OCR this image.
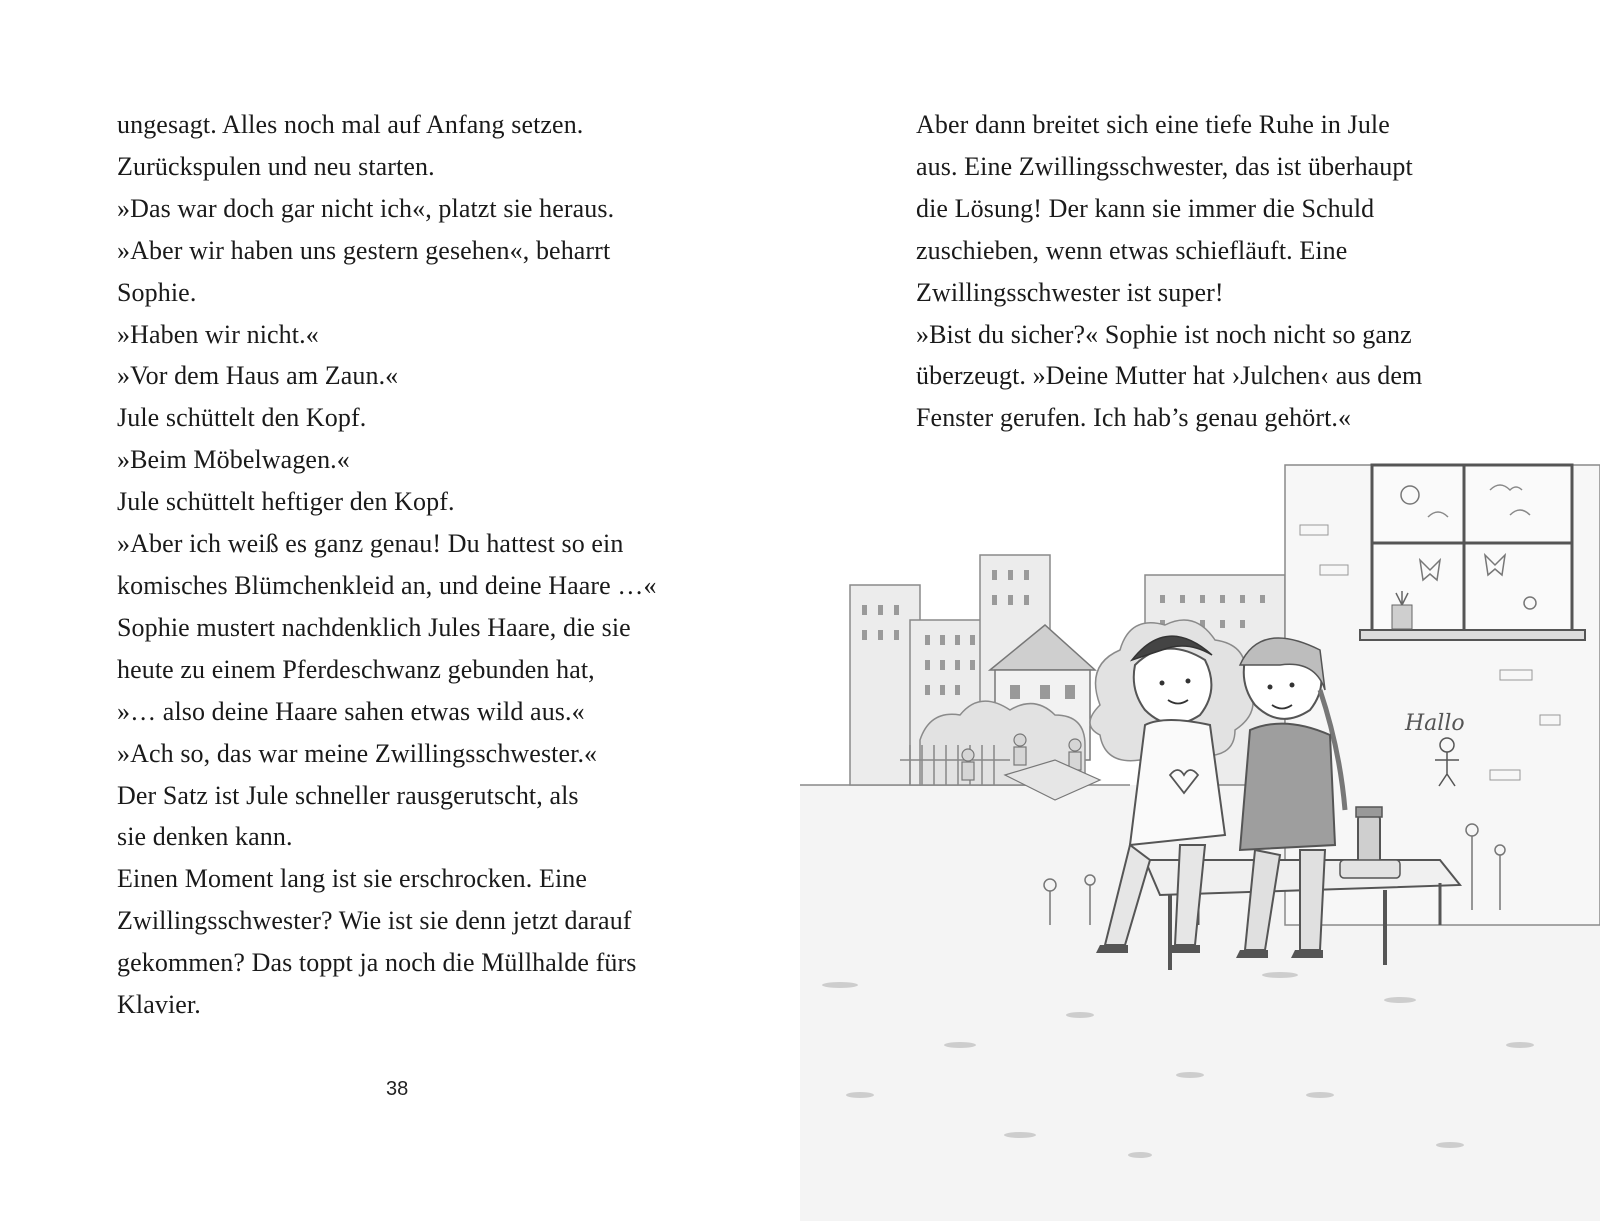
ungesagt. Alles noch mal auf Anfang setzen.
Zurückspulen und neu starten.
»Das war doch gar nicht ich«, platzt sie heraus.
»Aber wir haben uns gestern gesehen«, beharrt
Sophie.
»Haben wir nicht.«
»Vor dem Haus am Zaun.«
Jule schüttelt den Kopf.
»Beim Möbelwagen.«
Jule schüttelt heftiger den Kopf.
»Aber ich weiß es ganz genau! Du hattest so ein
komisches Blümchenkleid an, und deine Haare …«
Sophie mustert nachdenklich Jules Haare, die sie
heute zu einem Pferdeschwanz gebunden hat,
»… also deine Haare sahen etwas wild aus.«
»Ach so, das war meine Zwillingsschwester.«
Der Satz ist Jule schneller rausgerutscht, als
sie denken kann.
Einen Moment lang ist sie erschrocken. Eine
Zwillingsschwester? Wie ist sie denn jetzt darauf
gekommen? Das toppt ja noch die Müllhalde fürs
Klavier.
38
Aber dann breitet sich eine tiefe Ruhe in Jule
aus. Eine Zwillingsschwester, das ist überhaupt
die Lösung! Der kann sie immer die Schuld
zuschieben, wenn etwas schiefläuft. Eine
Zwillingsschwester ist super!
»Bist du sicher?« Sophie ist noch nicht so ganz
überzeugt. »Deine Mutter hat ›Julchen‹ aus dem
Fenster gerufen. Ich hab’s genau gehört.«
Hallo
